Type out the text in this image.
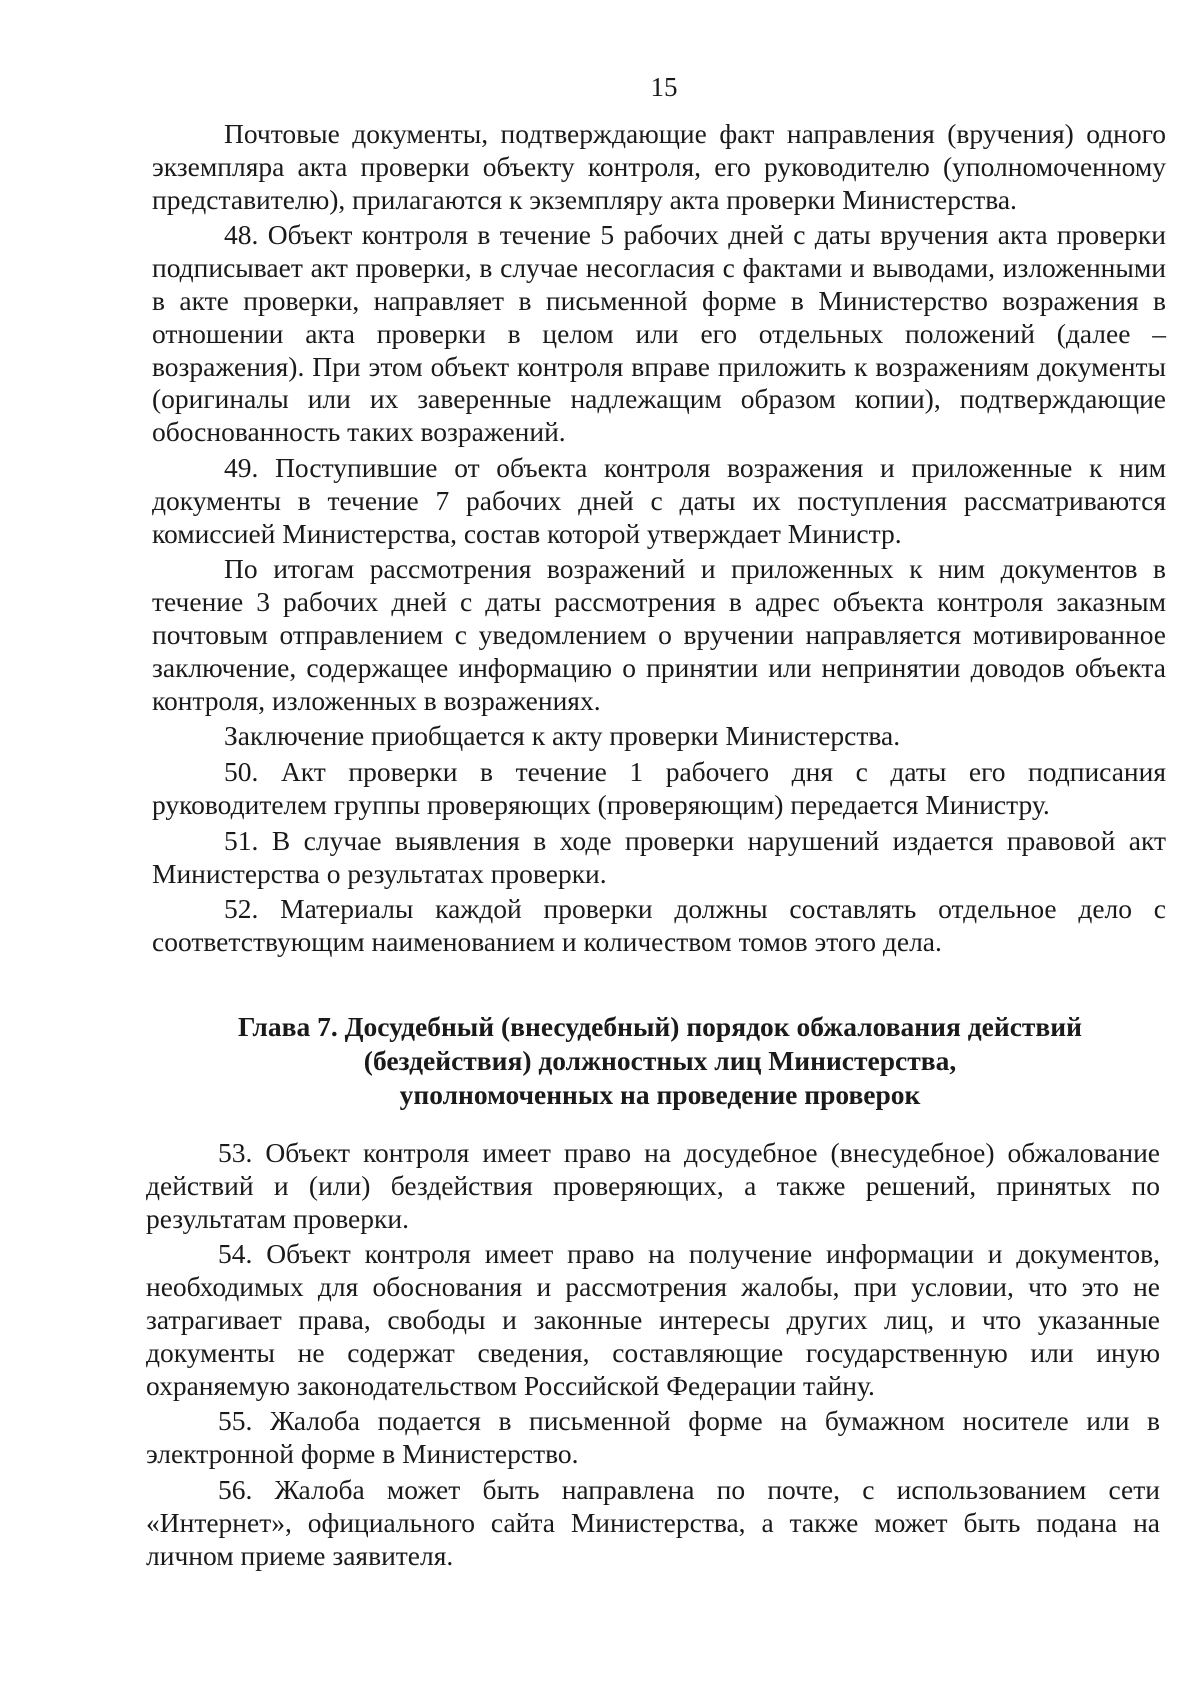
15

Почтовые документы, подтверждающие факт направления (вручения) одного экземпляра акта проверки объекту контроля, его руководителю (уполномоченному представителю), прилагаются к экземпляру акта проверки Министерства.

48. Объект контроля в течение 5 рабочих дней с даты вручения акта проверки подписывает акт проверки, в случае несогласия с фактами и выводами, изложенными в акте проверки, направляет в письменной форме в Министерство возражения в отношении акта проверки в целом или его отдельных положений (далее – возражения). При этом объект контроля вправе приложить к возражениям документы (оригиналы или их заверенные надлежащим образом копии), подтверждающие обоснованность таких возражений.

49. Поступившие от объекта контроля возражения и приложенные к ним документы в течение 7 рабочих дней с даты их поступления рассматриваются комиссией Министерства, состав которой утверждает Министр.

По итогам рассмотрения возражений и приложенных к ним документов в течение 3 рабочих дней с даты рассмотрения в адрес объекта контроля заказным почтовым отправлением с уведомлением о вручении направляется мотивированное заключение, содержащее информацию о принятии или непринятии доводов объекта контроля, изложенных в возражениях.

Заключение приобщается к акту проверки Министерства.

50. Акт проверки в течение 1 рабочего дня с даты его подписания руководителем группы проверяющих (проверяющим) передается Министру.

51. В случае выявления в ходе проверки нарушений издается правовой акт Министерства о результатах проверки.

52. Материалы каждой проверки должны составлять отдельное дело с соответствующим наименованием и количеством томов этого дела.

Глава 7. Досудебный (внесудебный) порядок обжалования действий
(бездействия) должностных лиц Министерства,
уполномоченных на проведение проверок

53. Объект контроля имеет право на досудебное (внесудебное) обжалование действий и (или) бездействия проверяющих, а также решений, принятых по результатам проверки.

54. Объект контроля имеет право на получение информации и документов, необходимых для обоснования и рассмотрения жалобы, при условии, что это не затрагивает права, свободы и законные интересы других лиц, и что указанные документы не содержат сведения, составляющие государственную или иную охраняемую законодательством Российской Федерации тайну.

55. Жалоба подается в письменной форме на бумажном носителе или в электронной форме в Министерство.

56. Жалоба может быть направлена по почте, с использованием сети «Интернет», официального сайта Министерства, а также может быть подана на личном приеме заявителя.
